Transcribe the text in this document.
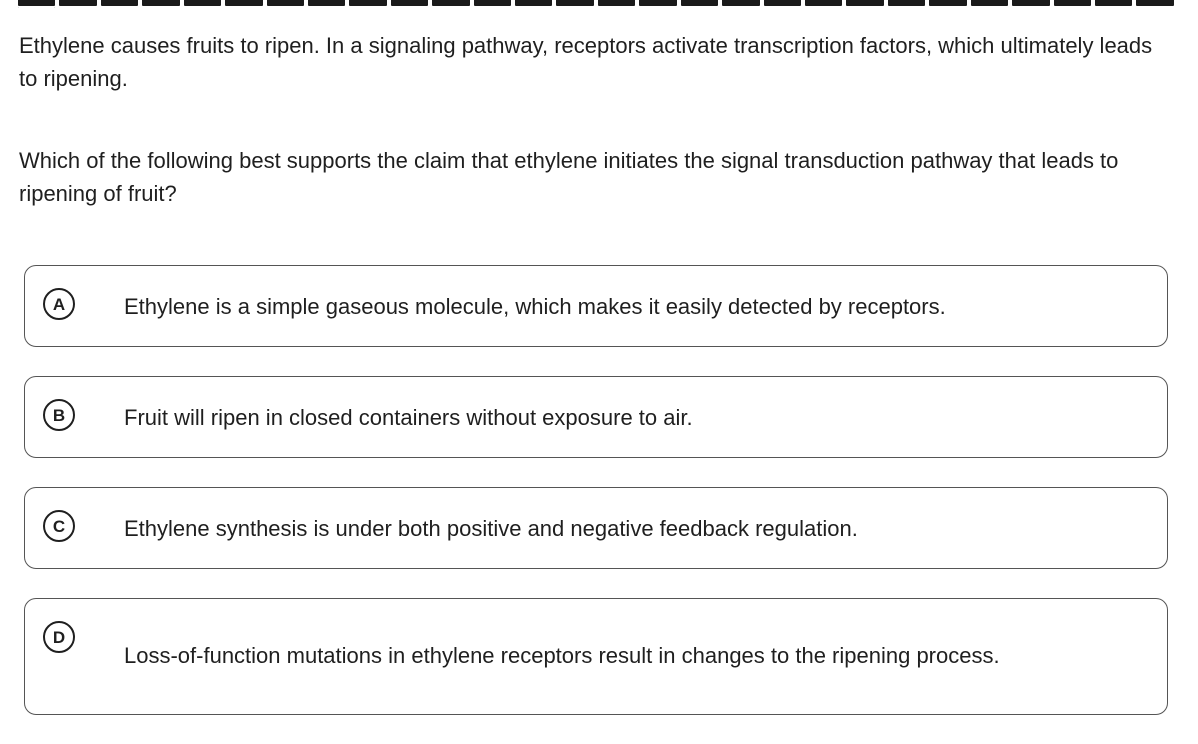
Ethylene causes fruits to ripen. In a signaling pathway, receptors activate transcription factors, which ultimately leads to ripening.

Which of the following best supports the claim that ethylene initiates the signal transduction pathway that leads to ripening of fruit?

A	Ethylene is a simple gaseous molecule, which makes it easily detected by receptors.
B	Fruit will ripen in closed containers without exposure to air.
C	Ethylene synthesis is under both positive and negative feedback regulation.
D
Loss-of-function mutations in ethylene receptors result in changes to the ripening process.
